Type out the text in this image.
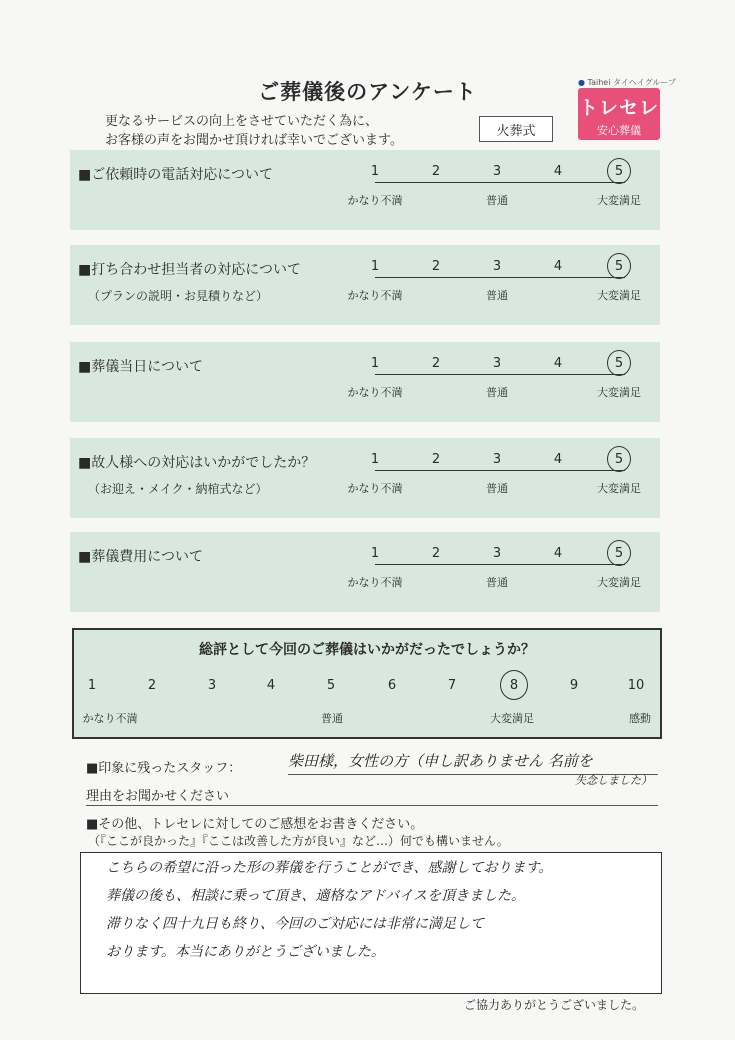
ご葬儀後のアンケート
更なるサービスの向上をさせていただく為に、
お客様の声をお聞かせ頂ければ幸いでございます。
火葬式
● Taihei タイヘイグループ
トレセレ
安心葬儀
■ご依頼時の電話対応について	1	2	3	4	5
かなり不満	普通	大変満足
■打ち合わせ担当者の対応について
（プランの説明・お見積りなど）
1	2	3	4	5
かなり不満	普通	大変満足
■葬儀当日について	1	2	3	4	5
かなり不満	普通	大変満足
■故人様への対応はいかがでしたか？
（お迎え・メイク・納棺式など）
1	2	3	4	5
かなり不満	普通	大変満足
■葬儀費用について	1	2	3	4	5
かなり不満	普通	大変満足
総評として今回のご葬儀はいかがだったでしょうか？
1	2	3	4	5	6	7	8	9	10
かなり不満	普通	大変満足	感動
■印象に残ったスタッフ：	柴田様，女性の方（申し訳ありません 名前を
失念しました）
理由をお聞かせください
■その他、トレセレに対してのご感想をお書きください。
（『ここが良かった』『ここは改善した方が良い』など…）何でも構いません。
こちらの希望に沿った形の葬儀を行うことができ、感謝しております。
葬儀の後も、相談に乗って頂き、適格なアドバイスを頂きました。
滞りなく四十九日も終り、今回のご対応には非常に満足して
おります。本当にありがとうございました。
ご協力ありがとうございました。
